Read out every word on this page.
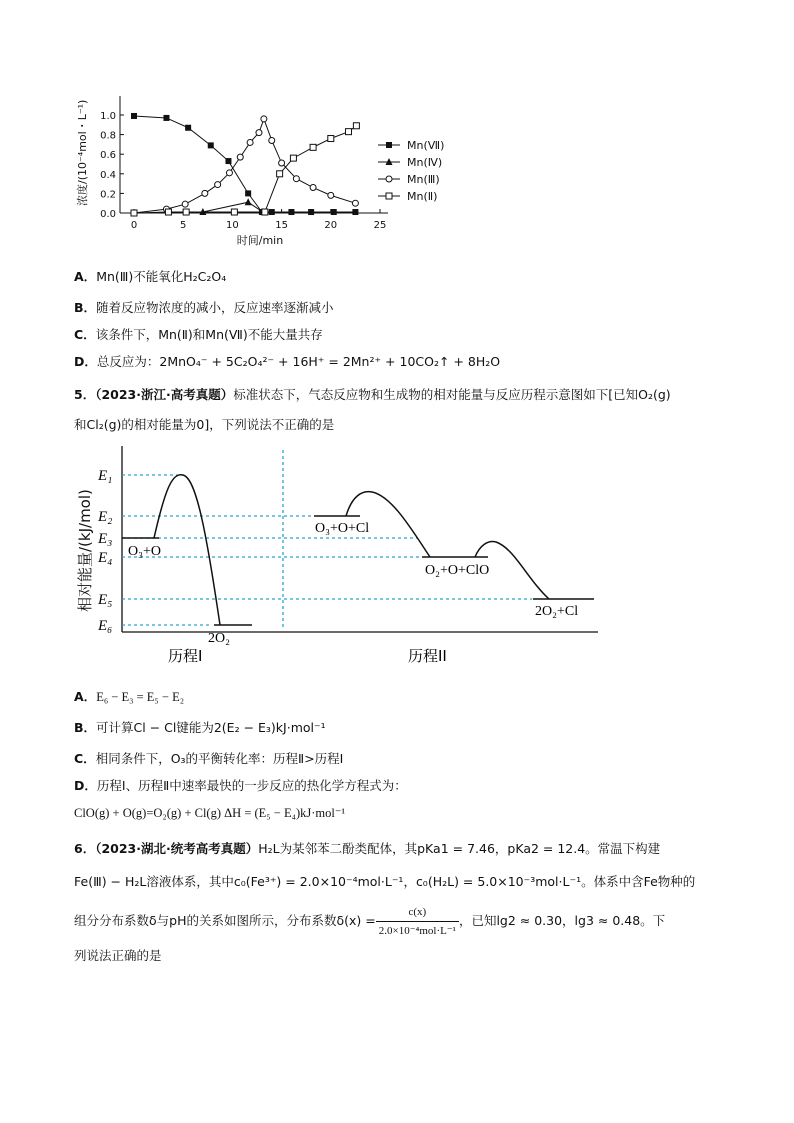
0.0
0.2
0.4
0.6
0.8
1.0
0	5	10	15	20	25
浓度/(10⁻⁴mol・L⁻¹)
时间/min
Mn(Ⅶ)
Mn(Ⅳ)
Mn(Ⅲ)
Mn(Ⅱ)
A．Mn(Ⅲ)不能氧化H₂C₂O₄
B．随着反应物浓度的减小，反应速率逐渐减小
C．该条件下，Mn(Ⅱ)和Mn(Ⅶ)不能大量共存
D．总反应为：2MnO₄⁻ + 5C₂O₄²⁻ + 16H⁺ = 2Mn²⁺ + 10CO₂↑ + 8H₂O
5．（2023·浙江·高考真题）标准状态下，气态反应物和生成物的相对能量与反应历程示意图如下[已知O₂(g)
和Cl₂(g)的相对能量为0]，下列说法不正确的是
相对能量/(kJ/mol)
E₁
E₂
E₃
E₄
E₅
E₆
O₃+O
2O₂
O₃+O+Cl
O₂+O+ClO
2O₂+Cl
历程I	历程II
A．E₆ − E₃ = E₅ − E₂
B．可计算Cl − Cl键能为2(E₂ − E₃)kJ·mol⁻¹
C．相同条件下，O₃的平衡转化率：历程Ⅱ>历程Ⅰ
D．历程Ⅰ、历程Ⅱ中速率最快的一步反应的热化学方程式为：
ClO(g) + O(g)=O₂(g) + Cl(g) ΔH = (E₅ − E₄)kJ·mol⁻¹
6．（2023·湖北·统考高考真题）H₂L为某邻苯二酚类配体，其pKa1 = 7.46，pKa2 = 12.4。常温下构建
Fe(Ⅲ) − H₂L溶液体系，其中c₀(Fe³⁺) = 2.0×10⁻⁴mol·L⁻¹，c₀(H₂L) = 5.0×10⁻³mol·L⁻¹。体系中含Fe物种的
组分分布系数δ与pH的关系如图所示，分布系数$\delta(x) = \frac{c(x)}{\text{2.0×10⁻⁴mol·L⁻¹}}$ ，已知lg2 ≈ 0.30，lg3 ≈ 0.48。下
列说法正确的是
